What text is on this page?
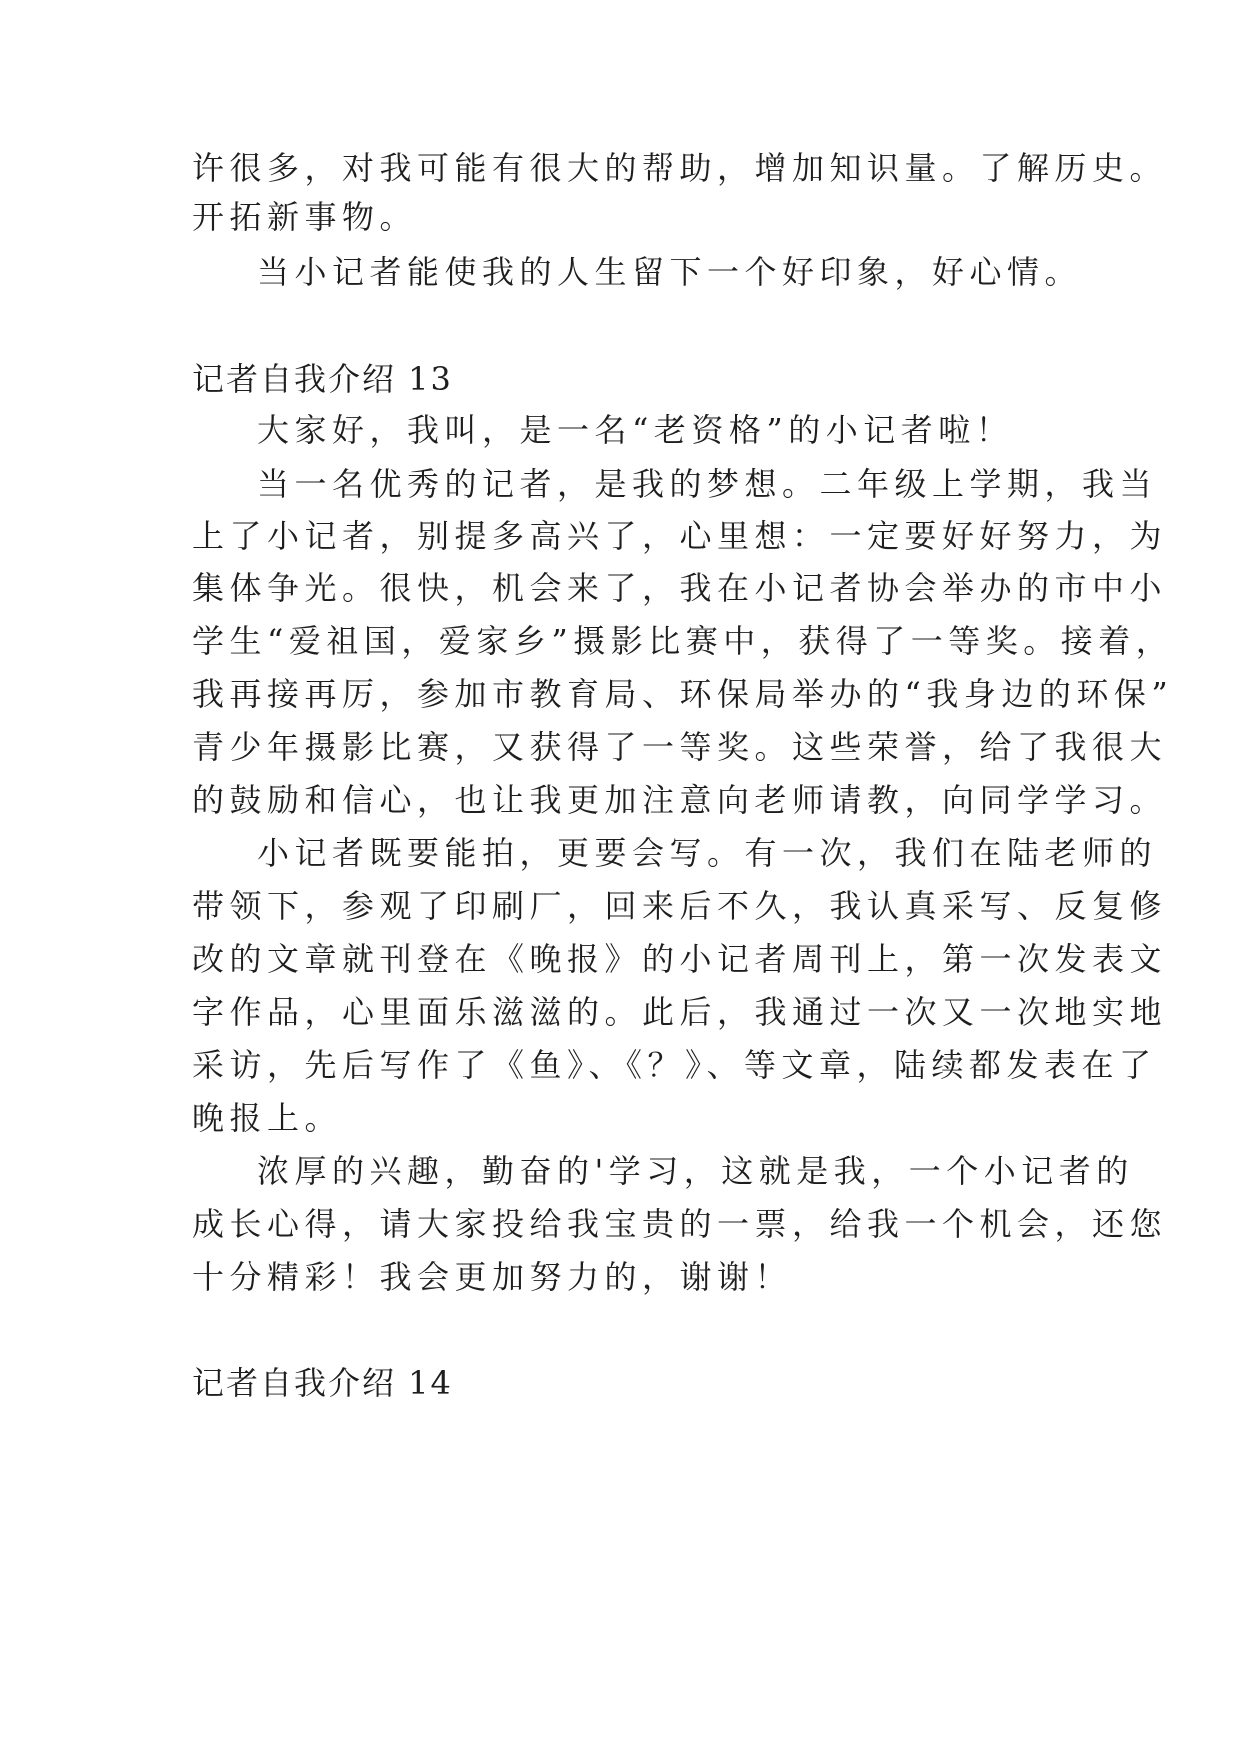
许很多，对我可能有很大的帮助，增加知识量。了解历史。
开拓新事物。
当小记者能使我的人生留下一个好印象，好心情。
记者自我介绍 13
大家好，我叫，是一名“老资格”的小记者啦！
当一名优秀的记者，是我的梦想。二年级上学期，我当
上了小记者，别提多高兴了，心里想：一定要好好努力，为
集体争光。很快，机会来了，我在小记者协会举办的市中小
学生“爱祖国，爱家乡”摄影比赛中，获得了一等奖。接着，
我再接再厉，参加市教育局、环保局举办的“我身边的环保”
青少年摄影比赛，又获得了一等奖。这些荣誉，给了我很大
的鼓励和信心，也让我更加注意向老师请教，向同学学习。
小记者既要能拍，更要会写。有一次，我们在陆老师的
带领下，参观了印刷厂，回来后不久，我认真采写、反复修
改的文章就刊登在《晚报》的小记者周刊上，第一次发表文
字作品，心里面乐滋滋的。此后，我通过一次又一次地实地
采访，先后写作了《鱼》、《？》、等文章，陆续都发表在了
晚报上。
浓厚的兴趣，勤奋的'学习，这就是我，一个小记者的
成长心得，请大家投给我宝贵的一票，给我一个机会，还您
十分精彩！我会更加努力的，谢谢！
记者自我介绍 14
